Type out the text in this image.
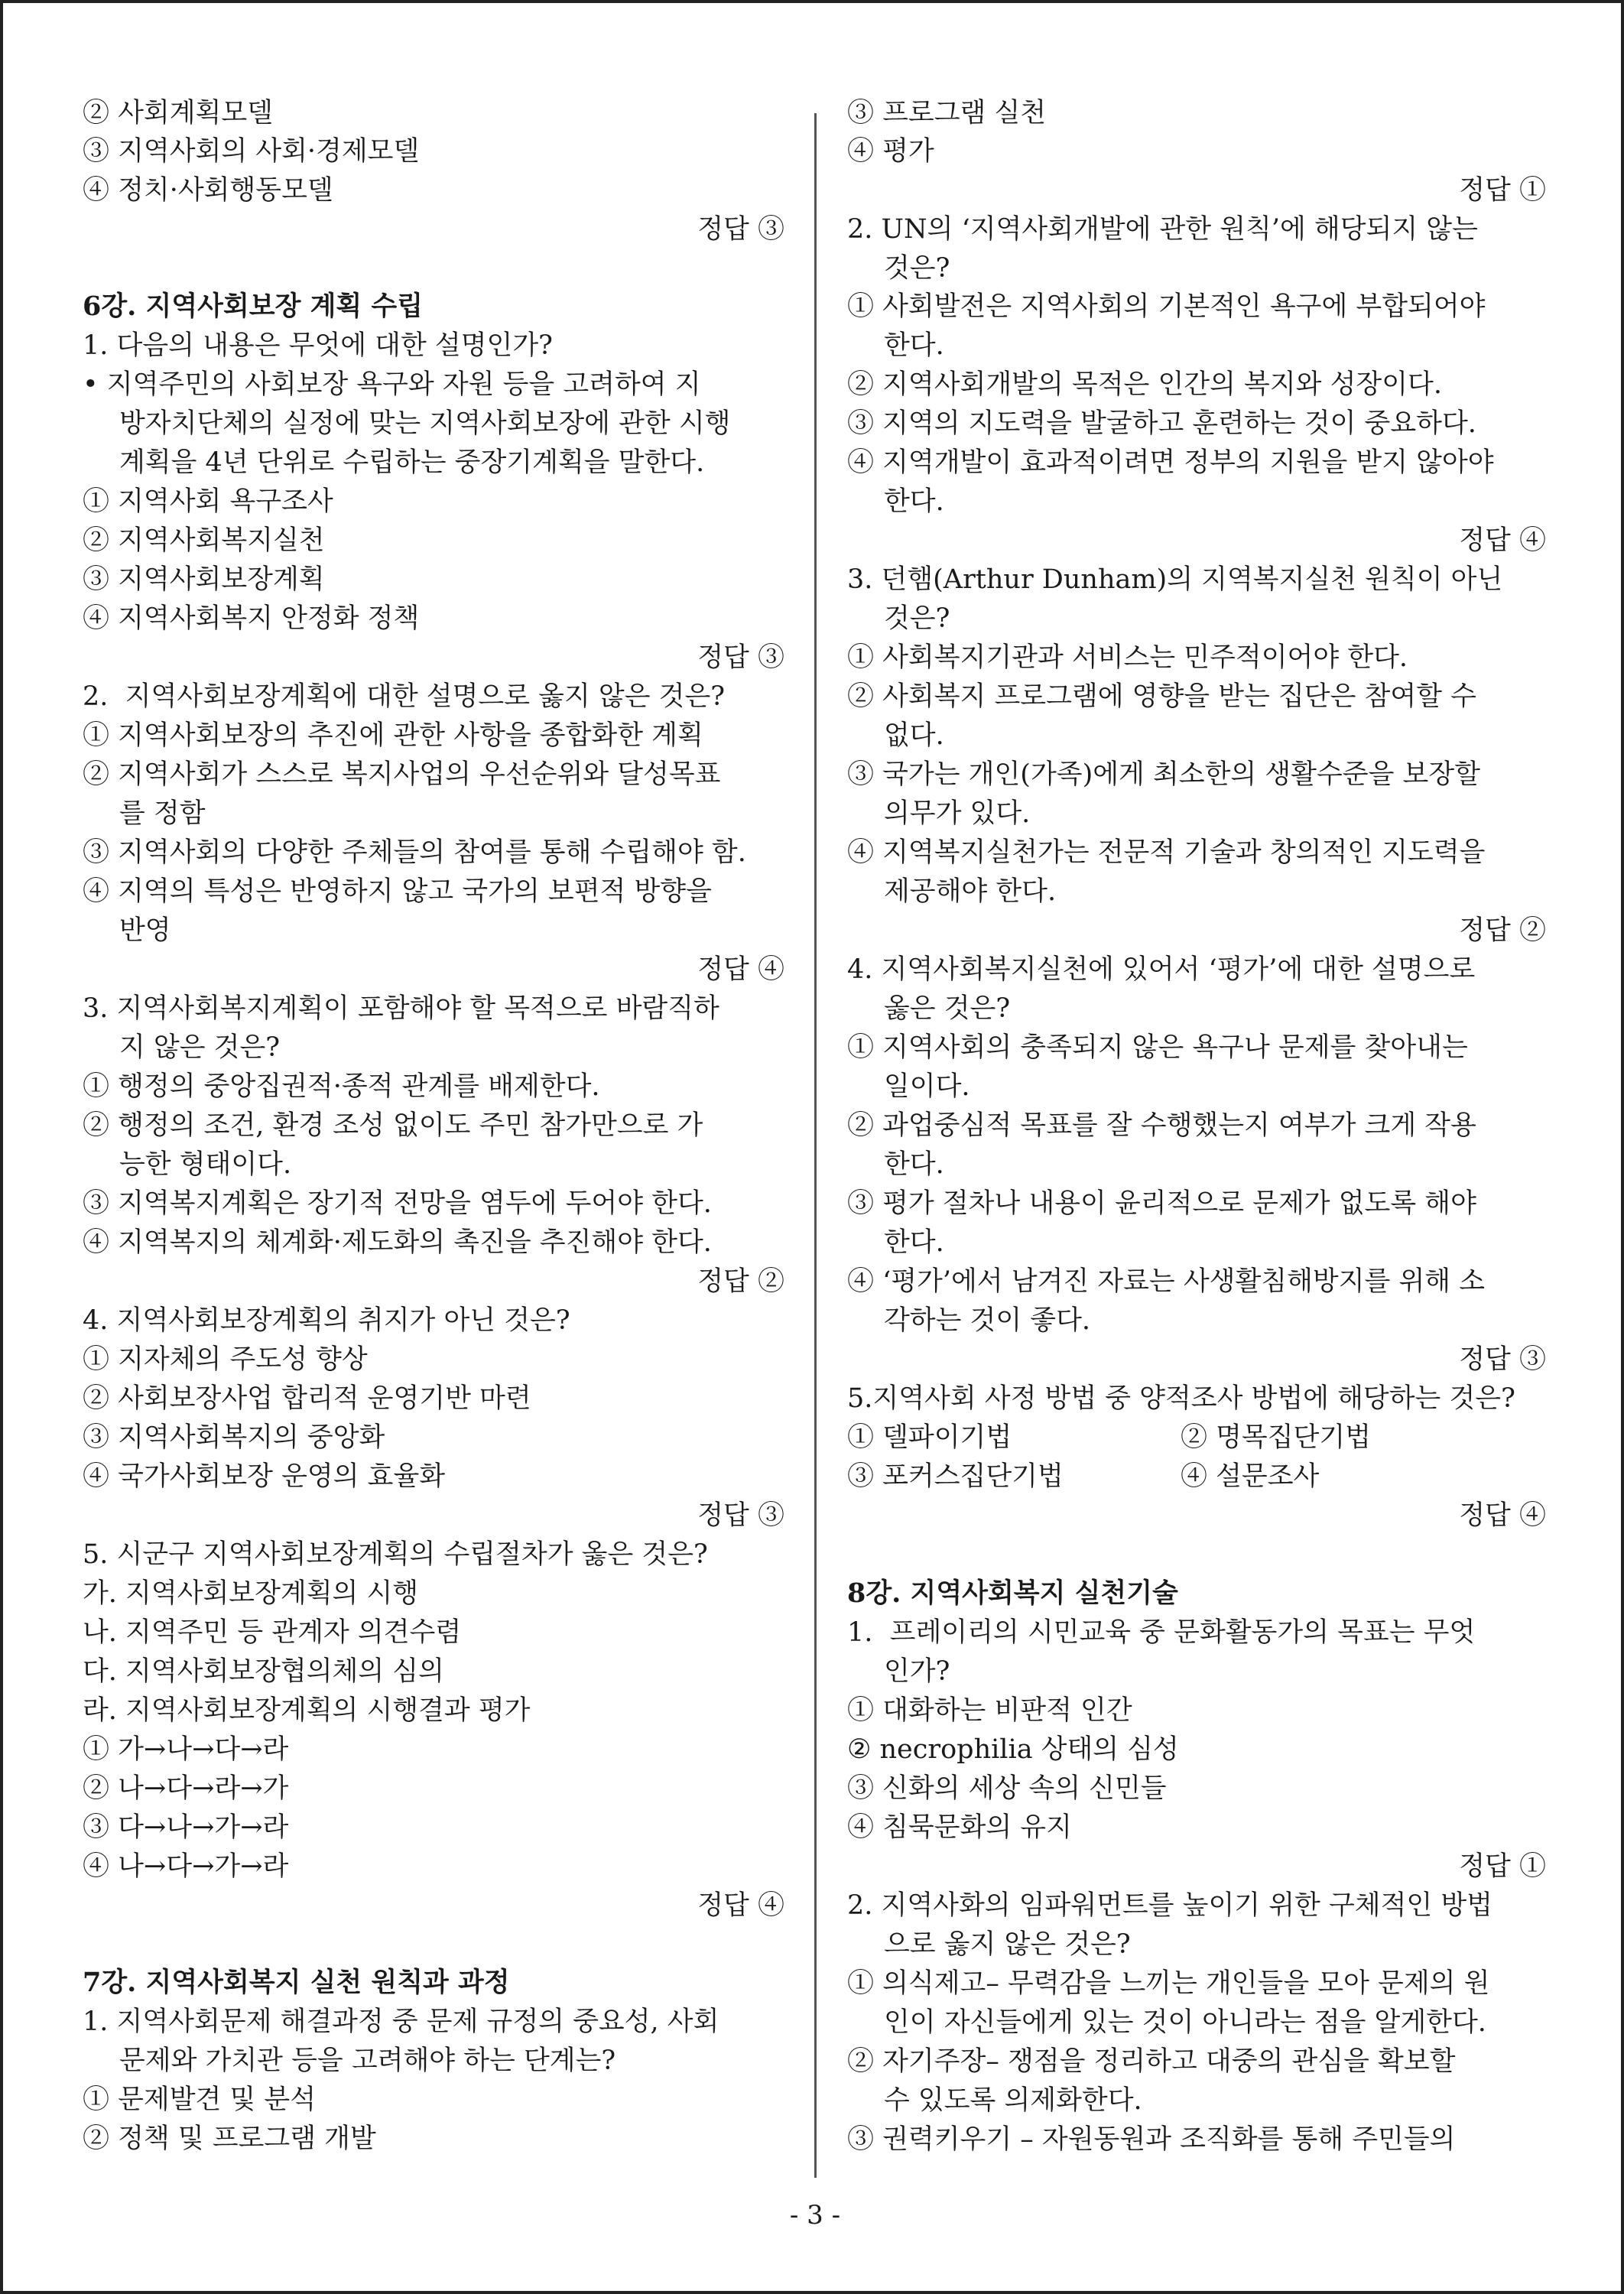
② 사회계획모델
③ 지역사회의 사회·경제모델
④ 정치·사회행동모델
정답 ③
6강. 지역사회보장 계획 수립
1. 다음의 내용은 무엇에 대한 설명인가?
• 지역주민의 사회보장 욕구와 자원 등을 고려하여 지
방자치단체의 실정에 맞는 지역사회보장에 관한 시행
계획을 4년 단위로 수립하는 중장기계획을 말한다.
① 지역사회 욕구조사
② 지역사회복지실천
③ 지역사회보장계획
④ 지역사회복지 안정화 정책
정답 ③
2.  지역사회보장계획에 대한 설명으로 옳지 않은 것은?
① 지역사회보장의 추진에 관한 사항을 종합화한 계획
② 지역사회가 스스로 복지사업의 우선순위와 달성목표
를 정함
③ 지역사회의 다양한 주체들의 참여를 통해 수립해야 함.
④ 지역의 특성은 반영하지 않고 국가의 보편적 방향을
반영
정답 ④
3. 지역사회복지계획이 포함해야 할 목적으로 바람직하
지 않은 것은?
① 행정의 중앙집권적·종적 관계를 배제한다.
② 행정의 조건, 환경 조성 없이도 주민 참가만으로 가
능한 형태이다.
③ 지역복지계획은 장기적 전망을 염두에 두어야 한다.
④ 지역복지의 체계화·제도화의 촉진을 추진해야 한다.
정답 ②
4. 지역사회보장계획의 취지가 아닌 것은?
① 지자체의 주도성 향상
② 사회보장사업 합리적 운영기반 마련
③ 지역사회복지의 중앙화
④ 국가사회보장 운영의 효율화
정답 ③
5. 시군구 지역사회보장계획의 수립절차가 옳은 것은?
가. 지역사회보장계획의 시행
나. 지역주민 등 관계자 의견수렴
다. 지역사회보장협의체의 심의
라. 지역사회보장계획의 시행결과 평가
① 가→나→다→라
② 나→다→라→가
③ 다→나→가→라
④ 나→다→가→라
정답 ④
7강. 지역사회복지 실천 원칙과 과정
1. 지역사회문제 해결과정 중 문제 규정의 중요성, 사회
문제와 가치관 등을 고려해야 하는 단계는?
① 문제발견 및 분석
② 정책 및 프로그램 개발
③ 프로그램 실천
④ 평가
정답 ①
2. UN의 ‘지역사회개발에 관한 원칙’에 해당되지 않는
것은?
① 사회발전은 지역사회의 기본적인 욕구에 부합되어야
한다.
② 지역사회개발의 목적은 인간의 복지와 성장이다.
③ 지역의 지도력을 발굴하고 훈련하는 것이 중요하다.
④ 지역개발이 효과적이려면 정부의 지원을 받지 않아야
한다.
정답 ④
3. 던햄(Arthur Dunham)의 지역복지실천 원칙이 아닌
것은?
① 사회복지기관과 서비스는 민주적이어야 한다.
② 사회복지 프로그램에 영향을 받는 집단은 참여할 수
없다.
③ 국가는 개인(가족)에게 최소한의 생활수준을 보장할
의무가 있다.
④ 지역복지실천가는 전문적 기술과 창의적인 지도력을
제공해야 한다.
정답 ②
4. 지역사회복지실천에 있어서 ‘평가’에 대한 설명으로
옳은 것은?
① 지역사회의 충족되지 않은 욕구나 문제를 찾아내는
일이다.
② 과업중심적 목표를 잘 수행했는지 여부가 크게 작용
한다.
③ 평가 절차나 내용이 윤리적으로 문제가 없도록 해야
한다.
④ ‘평가’에서 남겨진 자료는 사생활침해방지를 위해 소
각하는 것이 좋다.
정답 ③
5.지역사회 사정 방법 중 양적조사 방법에 해당하는 것은?
① 델파이기법	② 명목집단기법
③ 포커스집단기법	④ 설문조사
정답 ④
8강. 지역사회복지 실천기술
1.  프레이리의 시민교육 중 문화활동가의 목표는 무엇
인가?
① 대화하는 비판적 인간
② necrophilia 상태의 심성
③ 신화의 세상 속의 신민들
④ 침묵문화의 유지
정답 ①
2. 지역사화의 임파워먼트를 높이기 위한 구체적인 방법
으로 옳지 않은 것은?
① 의식제고– 무력감을 느끼는 개인들을 모아 문제의 원
인이 자신들에게 있는 것이 아니라는 점을 알게한다.
② 자기주장– 쟁점을 정리하고 대중의 관심을 확보할
수 있도록 의제화한다.
③ 권력키우기 – 자원동원과 조직화를 통해 주민들의
- 3 -
